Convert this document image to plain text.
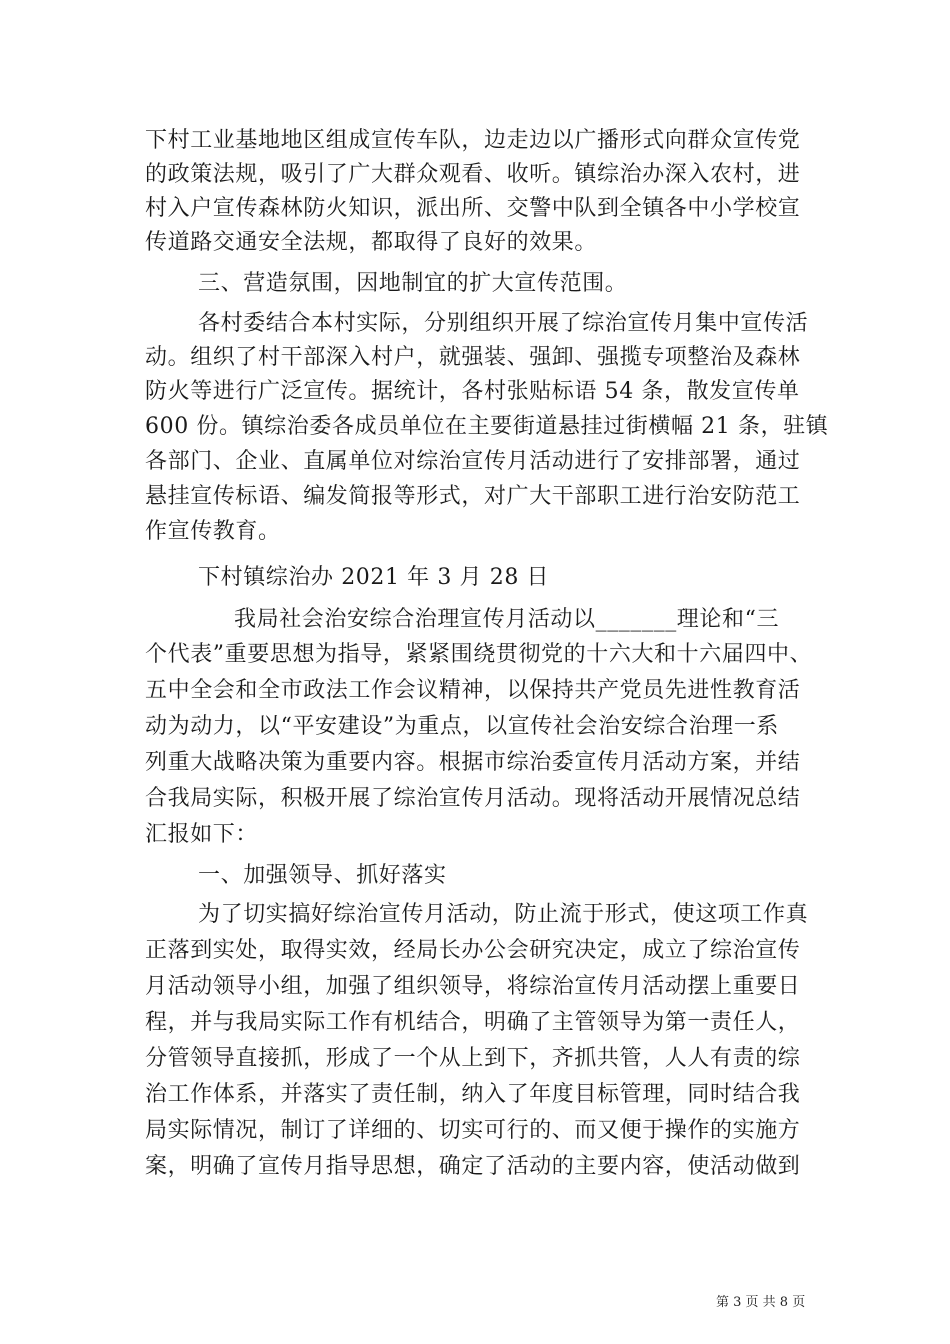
下村工业基地地区组成宣传车队，边走边以广播形式向群众宣传党
的政策法规，吸引了广大群众观看、收听。镇综治办深入农村，进
村入户宣传森林防火知识，派出所、交警中队到全镇各中小学校宣
传道路交通安全法规，都取得了良好的效果。
三、营造氛围，因地制宜的扩大宣传范围。
各村委结合本村实际，分别组织开展了综治宣传月集中宣传活
动。组织了村干部深入村户，就强装、强卸、强揽专项整治及森林
防火等进行广泛宣传。据统计，各村张贴标语 54 条，散发宣传单
600 份。镇综治委各成员单位在主要街道悬挂过街横幅 21 条，驻镇
各部门、企业、直属单位对综治宣传月活动进行了安排部署，通过
悬挂宣传标语、编发简报等形式，对广大干部职工进行治安防范工
作宣传教育。
下村镇综治办 2021 年 3 月 28 日
我局社会治安综合治理宣传月活动以_______理论和“三
个代表”重要思想为指导，紧紧围绕贯彻党的十六大和十六届四中、
五中全会和全市政法工作会议精神，以保持共产党员先进性教育活
动为动力，以“平安建设”为重点，以宣传社会治安综合治理一系
列重大战略决策为重要内容。根据市综治委宣传月活动方案，并结
合我局实际，积极开展了综治宣传月活动。现将活动开展情况总结
汇报如下：
一、加强领导、抓好落实
为了切实搞好综治宣传月活动，防止流于形式，使这项工作真
正落到实处，取得实效，经局长办公会研究决定，成立了综治宣传
月活动领导小组，加强了组织领导，将综治宣传月活动摆上重要日
程，并与我局实际工作有机结合，明确了主管领导为第一责任人，
分管领导直接抓，形成了一个从上到下，齐抓共管，人人有责的综
治工作体系，并落实了责任制，纳入了年度目标管理，同时结合我
局实际情况，制订了详细的、切实可行的、而又便于操作的实施方
案，明确了宣传月指导思想，确定了活动的主要内容，使活动做到
第 3 页 共 8 页
